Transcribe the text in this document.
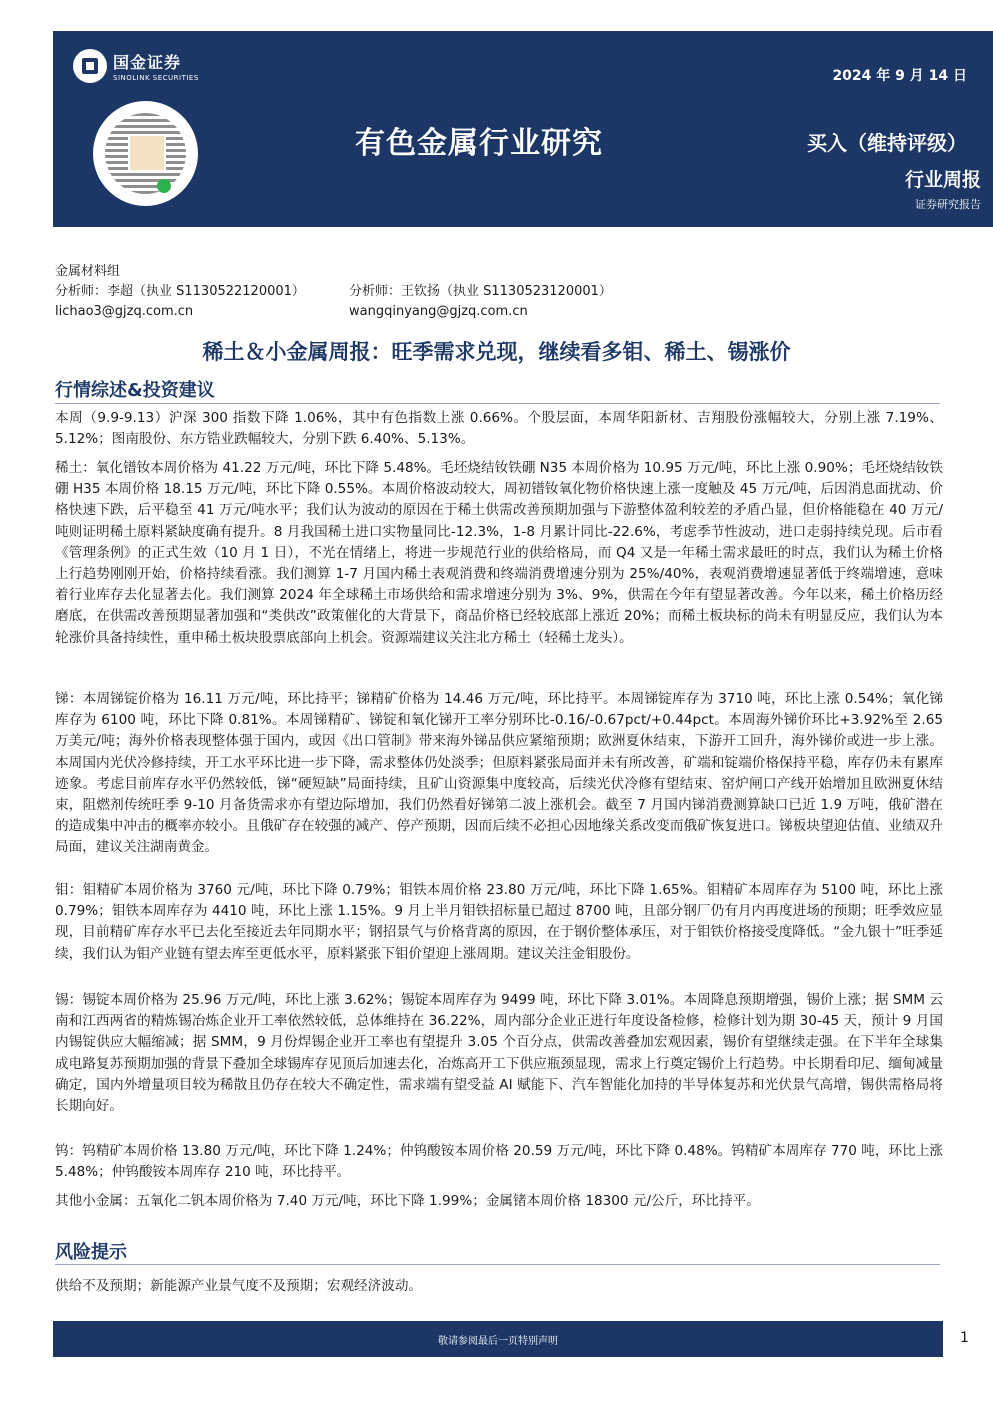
国金证券
SINOLINK SECURITIES	2024 年 9 月 14 日
有色金属行业研究	买入（维持评级）
行业周报
证券研究报告
金属材料组
分析师：李超（执业 S1130522120001）
lichao3@gjzq.com.cn
分析师：王钦扬（执业 S1130523120001）
wangqinyang@gjzq.com.cn
稀土＆小金属周报：旺季需求兑现，继续看多钼、稀土、锡涨价
行情综述&投资建议
本周（9.9-9.13）沪深 300 指数下降 1.06%，其中有色指数上涨 0.66%。个股层面，本周华阳新材、吉翔股份涨幅较大，分别上涨 7.19%、5.12%；图南股份、东方锆业跌幅较大，分别下跌 6.40%、5.13%。
稀土：氧化镨钕本周价格为 41.22 万元/吨，环比下降 5.48%。毛坯烧结钕铁硼 N35 本周价格为 10.95 万元/吨，环比上涨 0.90%；毛坯烧结钕铁硼 H35 本周价格 18.15 万元/吨，环比下降 0.55%。本周价格波动较大，周初镨钕氧化物价格快速上涨一度触及 45 万元/吨，后因消息面扰动、价格快速下跌，后平稳至 41 万元/吨水平；我们认为波动的原因在于稀土供需改善预期加强与下游整体盈利较差的矛盾凸显，但价格能稳在 40 万元/吨则证明稀土原料紧缺度确有提升。8 月我国稀土进口实物量同比-12.3%，1-8 月累计同比-22.6%，考虑季节性波动，进口走弱持续兑现。后市看《管理条例》的正式生效（10 月 1 日），不光在情绪上，将进一步规范行业的供给格局，而 Q4 又是一年稀土需求最旺的时点，我们认为稀土价格上行趋势刚刚开始，价格持续看涨。我们测算 1-7 月国内稀土表观消费和终端消费增速分别为 25%/40%，表观消费增速显著低于终端增速，意味着行业库存去化显著去化。我们测算 2024 年全球稀土市场供给和需求增速分别为 3%、9%，供需在今年有望显著改善。今年以来，稀土价格历经磨底，在供需改善预期显著加强和“类供改”政策催化的大背景下，商品价格已经较底部上涨近 20%；而稀土板块标的尚未有明显反应，我们认为本轮涨价具备持续性，重申稀土板块股票底部向上机会。资源端建议关注北方稀土（轻稀土龙头）。
锑：本周锑锭价格为 16.11 万元/吨，环比持平；锑精矿价格为 14.46 万元/吨，环比持平。本周锑锭库存为 3710 吨，环比上涨 0.54%；氧化锑库存为 6100 吨，环比下降 0.81%。本周锑精矿、锑锭和氧化锑开工率分别环比-0.16/-0.67pct/+0.44pct。本周海外锑价环比+3.92%至 2.65 万美元/吨；海外价格表现整体强于国内，或因《出口管制》带来海外锑品供应紧缩预期；欧洲夏休结束，下游开工回升，海外锑价或进一步上涨。本周国内光伏冷修持续，开工水平环比进一步下降，需求整体仍处淡季；但原料紧张局面并未有所改善，矿端和锭端价格保持平稳，库存仍未有累库迹象。考虑目前库存水平仍然较低，锑“硬短缺”局面持续，且矿山资源集中度较高，后续光伏冷修有望结束、窑炉闸口产线开始增加且欧洲夏休结束，阻燃剂传统旺季 9-10 月备货需求亦有望边际增加，我们仍然看好锑第二波上涨机会。截至 7 月国内锑消费测算缺口已近 1.9 万吨，俄矿潜在的造成集中冲击的概率亦较小。且俄矿存在较强的减产、停产预期，因而后续不必担心因地缘关系改变而俄矿恢复进口。锑板块望迎估值、业绩双升局面，建议关注湖南黄金。
钼：钼精矿本周价格为 3760 元/吨，环比下降 0.79%；钼铁本周价格 23.80 万元/吨，环比下降 1.65%。钼精矿本周库存为 5100 吨，环比上涨 0.79%；钼铁本周库存为 4410 吨，环比上涨 1.15%。9 月上半月钼铁招标量已超过 8700 吨，且部分钢厂仍有月内再度进场的预期；旺季效应显现，目前精矿库存水平已去化至接近去年同期水平；钢招景气与价格背离的原因，在于钢价整体承压，对于钼铁价格接受度降低。“金九银十”旺季延续，我们认为钼产业链有望去库至更低水平，原料紧张下钼价望迎上涨周期。建议关注金钼股份。
锡：锡锭本周价格为 25.96 万元/吨，环比上涨 3.62%；锡锭本周库存为 9499 吨，环比下降 3.01%。本周降息预期增强，锡价上涨；据 SMM 云南和江西两省的精炼锡冶炼企业开工率依然较低，总体维持在 36.22%，周内部分企业正进行年度设备检修，检修计划为期 30-45 天，预计 9 月国内锡锭供应大幅缩减；据 SMM，9 月份焊锡企业开工率也有望提升 3.05 个百分点，供需改善叠加宏观因素，锡价有望继续走强。在下半年全球集成电路复苏预期加强的背景下叠加全球锡库存见顶后加速去化，冶炼高开工下供应瓶颈显现，需求上行奠定锡价上行趋势。中长期看印尼、缅甸减量确定，国内外增量项目较为稀散且仍存在较大不确定性，需求端有望受益 AI 赋能下、汽车智能化加持的半导体复苏和光伏景气高增，锡供需格局将长期向好。
钨：钨精矿本周价格 13.80 万元/吨，环比下降 1.24%；仲钨酸铵本周价格 20.59 万元/吨，环比下降 0.48%。钨精矿本周库存 770 吨，环比上涨 5.48%；仲钨酸铵本周库存 210 吨，环比持平。
其他小金属：五氧化二钒本周价格为 7.40 万元/吨，环比下降 1.99%；金属锗本周价格 18300 元/公斤，环比持平。
风险提示
供给不及预期；新能源产业景气度不及预期；宏观经济波动。
敬请参阅最后一页特别声明	1
